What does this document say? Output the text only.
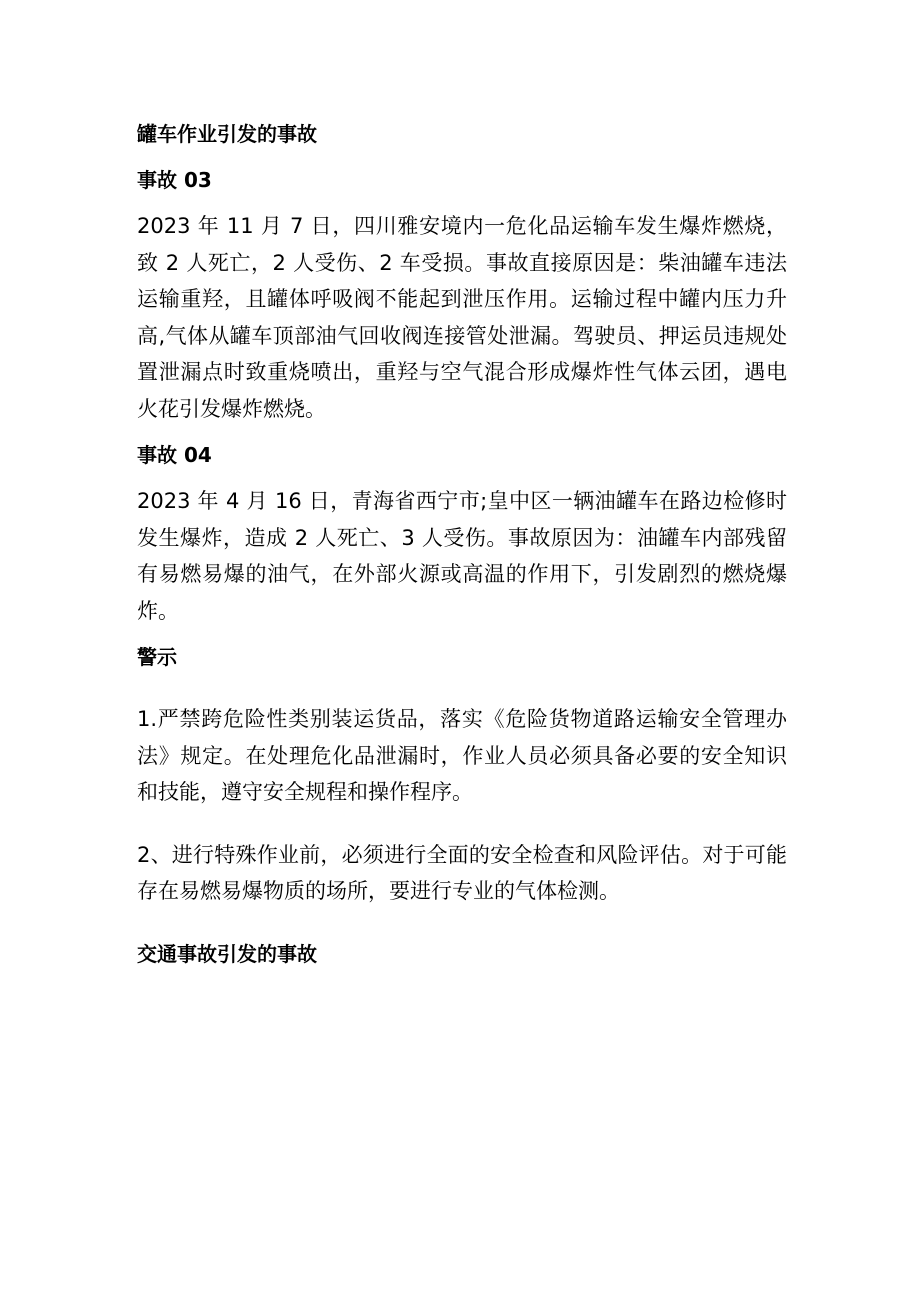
罐车作业引发的事故
事故 03

2023 年 11 月 7 日，四川雅安境内一危化品运输车发生爆炸燃烧，致 2 人死亡，2 人受伤、2 车受损。事故直接原因是：柴油罐车违法运输重羟，且罐体呼吸阀不能起到泄压作用。运输过程中罐内压力升高,气体从罐车顶部油气回收阀连接管处泄漏。驾驶员、押运员违规处置泄漏点时致重烧喷出，重羟与空气混合形成爆炸性气体云团，遇电火花引发爆炸燃烧。

事故 04

2023 年 4 月 16 日，青海省西宁市;皇中区一辆油罐车在路边检修时发生爆炸，造成 2 人死亡、3 人受伤。事故原因为：油罐车内部残留有易燃易爆的油气，在外部火源或高温的作用下，引发剧烈的燃烧爆炸。

警示

1.严禁跨危险性类别装运货品，落实《危险货物道路运输安全管理办法》规定。在处理危化品泄漏时，作业人员必须具备必要的安全知识和技能，遵守安全规程和操作程序。

2、进行特殊作业前，必须进行全面的安全检查和风险评估。对于可能存在易燃易爆物质的场所，要进行专业的气体检测。

交通事故引发的事故
